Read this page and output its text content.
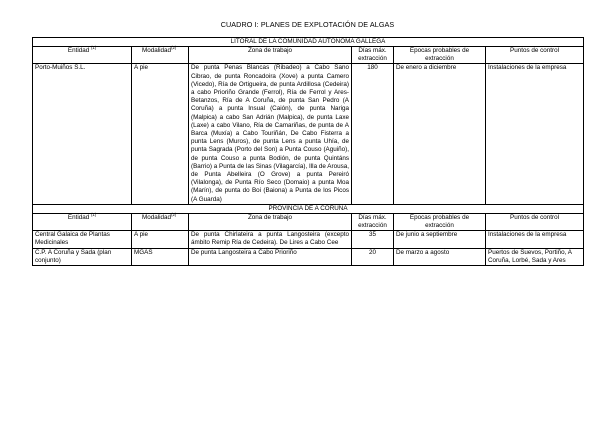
CUADRO I: PLANES DE EXPLOTACIÓN DE ALGAS
LITORAL DE LA COMUNIDAD AUTÓNOMA GALLEGA					
Entidad $^{(1)}$	Modalidad$^{(2)}$	Zona de trabajo	Días máx. extracción	Epocas probables de extracción	Puntos de control
Porto-Muiños S.L.	A pie	De punta Penas Blancas (Ribadeo) a Cabo Sano Cibrao, de punta Roncadoira (Xove) a punta Camero (Vicedo), Ría de Ortigueira, de punta Ardillosa (Cedeira) a cabo Prioriño Grande (Ferrol), Ría de Ferrol y Ares-Betanzos, Ría de A Coruña, de punta San Pedro (A Coruña) a punta Insual (Caión), de punta Nariga (Malpica) a cabo San Adrián (Malpica), de punta Laxe (Laxe) a cabo Vilano, Ría de Camariñas, de punta de A Barca (Muxía) a Cabo Touriñán, De Cabo Fisterra a punta Lens (Muros), de punta Lens a punta Uhía, de punta Sagrada (Porto del Son) a Punta Couso (Aguiño), de punta Couso a punta Bodión, de punta Quintáns (Barrio) a Punta de las Sinas (Vilagarcía), Illa de Arousa, de Punta Abelleira (O Grove) a punta Pereiró (Vilalonga), de Punta Río Seco (Domaio) a punta Moa (Marín), de punta do Boi (Baiona) a Punta de los Picos (A Guarda)	180	De enero a diciembre	Instalaciones de la empresa
PROVINCIA DE A CORUÑA					
Entidad $^{(1)}$	Modalidad$^{(2)}$	Zona de trabajo	Días máx. extracción	Epocas probables de extracción	Puntos de control
Central Galaica de Plantas Medicinales	A pie	De punta Chirlateira a punta Langosteira (excepto ámbito Remip Ría de Cedeira). De Lires a Cabo Cee	35	De junio a septiembre	Instalaciones de la empresa
C.P. A Coruña y Sada (plan conjunto)	MGAS	De punta Langosteira a Cabo Prioriño	20	De marzo a agosto	Puertos de Suevos, Portiño, A Coruña, Lorbé, Sada y Ares
